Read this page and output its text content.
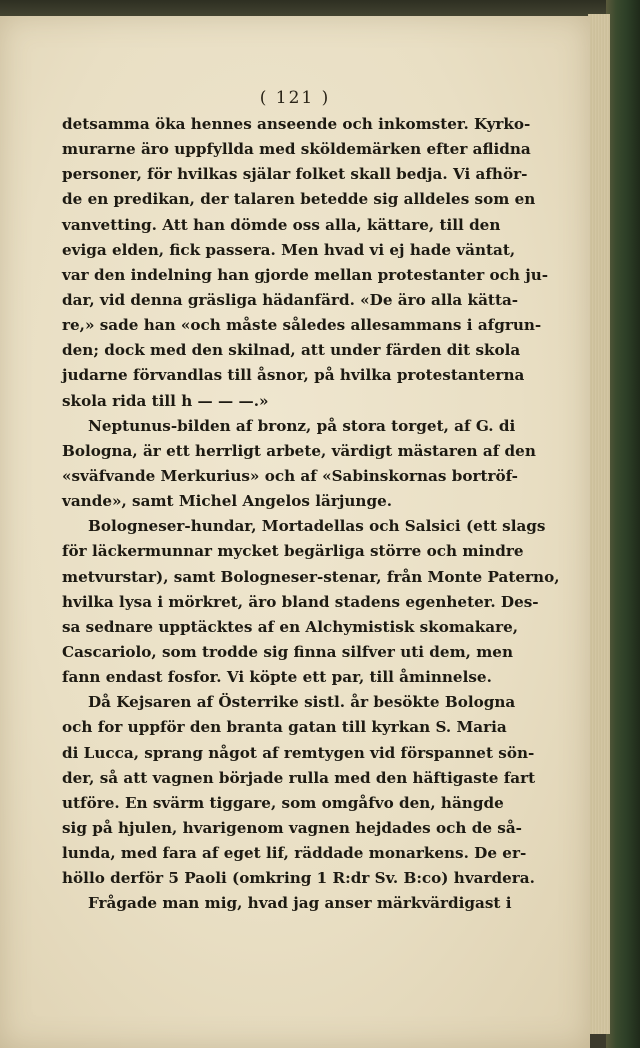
( 121 )
detsamma öka hennes anseende och inkomster. Kyrko-
murarne äro uppfyllda med sköldemärken efter aflidna
personer, för hvilkas själar folket skall bedja. Vi afhör-
de en predikan, der talaren betedde sig alldeles som en
vanvetting. Att han dömde oss alla, kättare, till den
eviga elden, fick passera. Men hvad vi ej hade väntat,
var den indelning han gjorde mellan protestanter och ju-
dar, vid denna gräsliga hädanfärd. «De äro alla kätta-
re,» sade han «och måste således allesammans i afgrun-
den; dock med den skilnad, att under färden dit skola
judarne förvandlas till åsnor, på hvilka protestanterna
skola rida till h — — —.»
Neptunus-bilden af bronz, på stora torget, af G. di
Bologna, är ett herrligt arbete, värdigt mästaren af den
«sväfvande Merkurius» och af «Sabinskornas bortröf-
vande», samt Michel Angelos lärjunge.
Bologneser-hundar, Mortadellas och Salsici (ett slags
för läckermunnar mycket begärliga större och mindre
metvurstar), samt Bologneser-stenar, från Monte Paterno,
hvilka lysa i mörkret, äro bland stadens egenheter. Des-
sa sednare upptäcktes af en Alchymistisk skomakare,
Cascariolo, som trodde sig finna silfver uti dem, men
fann endast fosfor. Vi köpte ett par, till åminnelse.
Då Kejsaren af Österrike sistl. år besökte Bologna
och for uppför den branta gatan till kyrkan S. Maria
di Lucca, sprang något af remtygen vid förspannet sön-
der, så att vagnen började rulla med den häftigaste fart
utföre. En svärm tiggare, som omgåfvo den, hängde
sig på hjulen, hvarigenom vagnen hejdades och de så-
lunda, med fara af eget lif, räddade monarkens. De er-
höllo derför 5 Paoli (omkring 1 R:dr Sv. B:co) hvardera.
Frågade man mig, hvad jag anser märkvärdigast i
